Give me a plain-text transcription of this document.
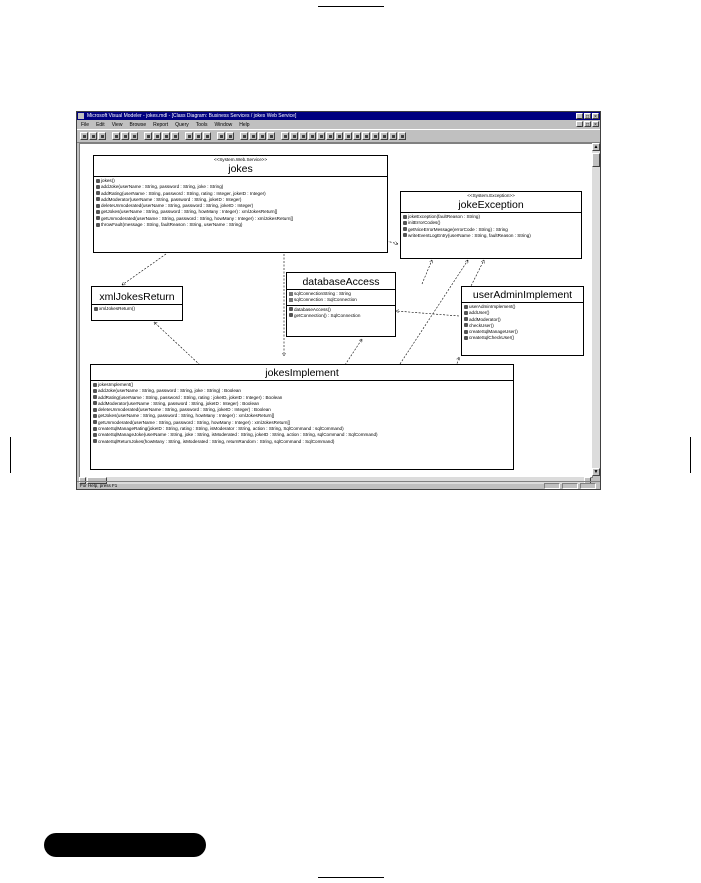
Microsoft Visual Modeler - jokes.mdl - [Class Diagram: Business Services / jokes Web Service]	_	□	×
File Edit View Browse Report Query Tools Window Help	_	□	×
<<System.Web.Service>>
jokes
jokes()
addJoke(userName : String, password : String, joke : String)
addRating(userName : String, password : String, rating : Integer, jokeID : Integer)
addModerator(userName : String, password : String, jokeID : Integer)
deleteUnmoderated(userName : String, password : String, jokeID : Integer)
getJokes(userName : String, password : String, howMany : Integer) : xmlJokesReturn[]
getUnmoderated(userName : String, password : String, howMany : Integer) : xmlJokesReturn[]
throwFault(message : String, faultReason : String, userName : String)
<<System.Exception>>
jokeException
jokeException(faultReason : String)
initErrorCodes()
getNiceErrorMessage(errorCode : String) : String
writeEventLogEntry(userName : String, faultReason : String)
xmlJokesReturn
xmlJokesReturn()
databaseAccess
sqlConnectionString : String
sqlConnection : SqlConnection
databaseAccess()
getConnection() : SqlConnection
userAdminImplement
userAdminImplement()
addUser()
addModerator()
checkUser()
createSqlManageUser()
createSqlCheckUser()
jokesImplement
jokesImplement()
addJoke(userName : String, password : String, joke : String) : Boolean
addRating(userName : String, password : String, rating : jokeID, jokeID : Integer) : Boolean
addModerator(userName : String, password : String, jokeID : Integer) : Boolean
deleteUnmoderated(userName : String, password : String, jokeID : Integer) : Boolean
getJokes(userName : String, password : String, howMany : Integer) : xmlJokesReturn[]
getUnmoderated(userName : String, password : String, howMany : Integer) : xmlJokesReturn[]
createSqlManageRating(jokeID : String, rating : String, isModerator : String, action : String, SqlCommand : sqlCommand)
createSqlManageJoke(userName : String, joke : String, isModerated : String, jokeID : String, action : String, sqlCommand : SqlCommand)
createSqlReturnJokes(howMany : String, isModerated : String, returnRandom : String, sqlCommand : SqlCommand)
▲
▼
For Help, press F1
